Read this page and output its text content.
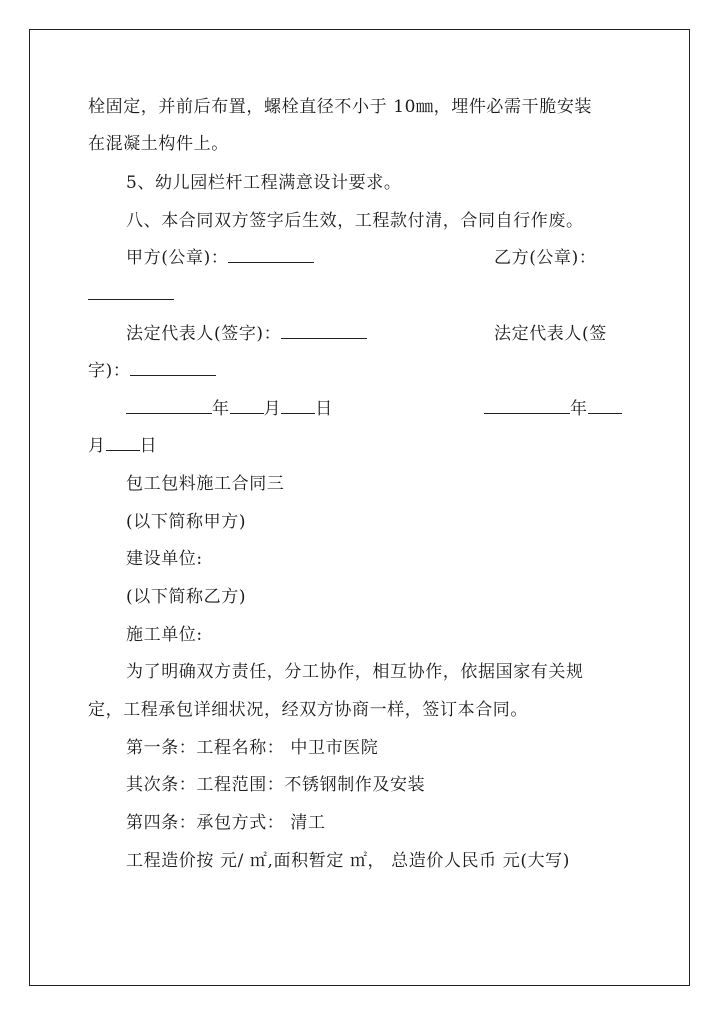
栓固定，并前后布置，螺栓直径不小于 10㎜，埋件必需干脆安装
在混凝土构件上。
5、幼儿园栏杆工程满意设计要求。
八、本合同双方签字后生效，工程款付清，合同自行作废。
甲方(公章)：	乙方(公章)：
法定代表人(签字)：	法定代表人(签
字)：
年 月 日	年
月 日
包工包料施工合同三
(以下简称甲方)
建设单位:
(以下简称乙方)
施工单位:
为了明确双方责任，分工协作，相互协作，依据国家有关规
定，工程承包详细状况，经双方协商一样，签订本合同。
第一条：工程名称： 中卫市医院
其次条：工程范围：不锈钢制作及安装
第四条：承包方式： 清工
工程造价按 元/ ㎡,面积暂定 ㎡， 总造价人民币 元(大写)
